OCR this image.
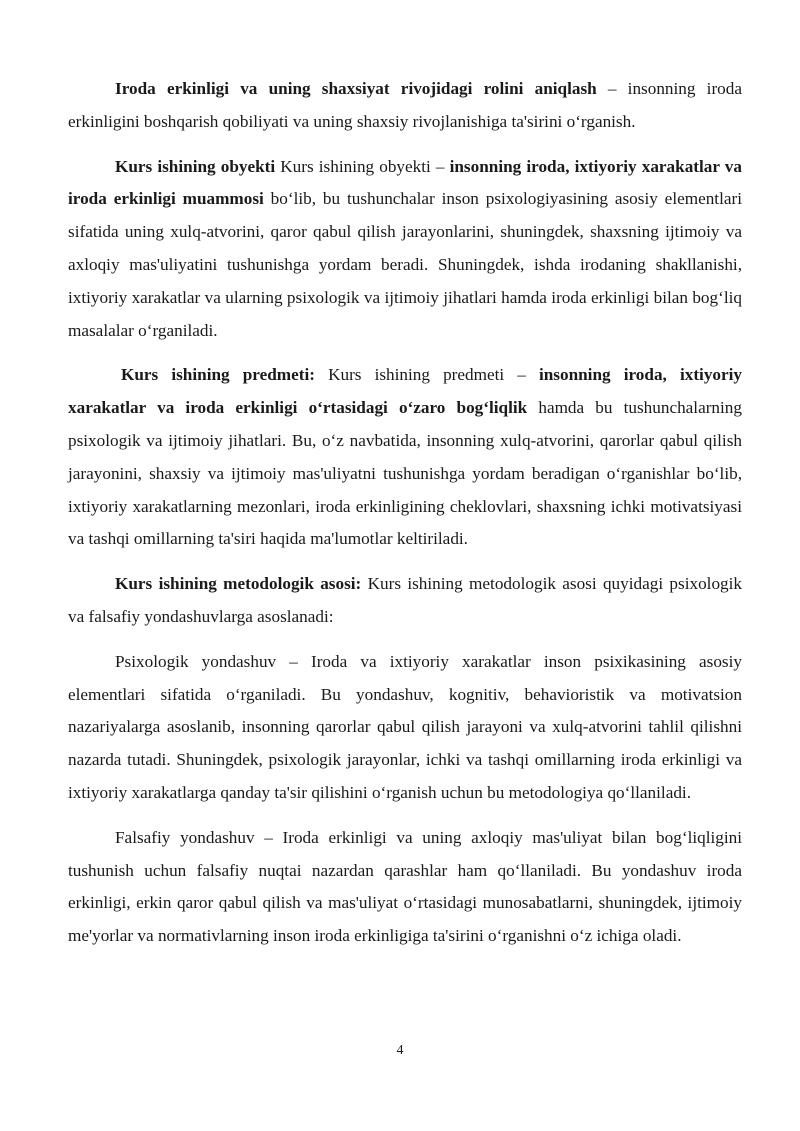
Iroda erkinligi va uning shaxsiyat rivojidagi rolini aniqlash – insonning iroda erkinligini boshqarish qobiliyati va uning shaxsiy rivojlanishiga ta'sirini o‘rganish.

Kurs ishining obyekti Kurs ishining obyekti – insonning iroda, ixtiyoriy xarakatlar va iroda erkinligi muammosi bo‘lib, bu tushunchalar inson psixologiyasining asosiy elementlari sifatida uning xulq-atvorini, qaror qabul qilish jarayonlarini, shuningdek, shaxsning ijtimoiy va axloqiy mas'uliyatini tushunishga yordam beradi. Shuningdek, ishda irodaning shakllanishi, ixtiyoriy xarakatlar va ularning psixologik va ijtimoiy jihatlari hamda iroda erkinligi bilan bog‘liq masalalar o‘rganiladi.

Kurs ishining predmeti: Kurs ishining predmeti – insonning iroda, ixtiyoriy xarakatlar va iroda erkinligi o‘rtasidagi o‘zaro bog‘liqlik hamda bu tushunchalarning psixologik va ijtimoiy jihatlari. Bu, o‘z navbatida, insonning xulq-atvorini, qarorlar qabul qilish jarayonini, shaxsiy va ijtimoiy mas'uliyatni tushunishga yordam beradigan o‘rganishlar bo‘lib, ixtiyoriy xarakatlarning mezonlari, iroda erkinligining cheklovlari, shaxsning ichki motivatsiyasi va tashqi omillarning ta'siri haqida ma'lumotlar keltiriladi.

Kurs ishining metodologik asosi: Kurs ishining metodologik asosi quyidagi psixologik va falsafiy yondashuvlarga asoslanadi:

Psixologik yondashuv – Iroda va ixtiyoriy xarakatlar inson psixikasining asosiy elementlari sifatida o‘rganiladi. Bu yondashuv, kognitiv, behavioristik va motivatsion nazariyalarga asoslanib, insonning qarorlar qabul qilish jarayoni va xulq-atvorini tahlil qilishni nazarda tutadi. Shuningdek, psixologik jarayonlar, ichki va tashqi omillarning iroda erkinligi va ixtiyoriy xarakatlarga qanday ta'sir qilishini o‘rganish uchun bu metodologiya qo‘llaniladi.

Falsafiy yondashuv – Iroda erkinligi va uning axloqiy mas'uliyat bilan bog‘liqligini tushunish uchun falsafiy nuqtai nazardan qarashlar ham qo‘llaniladi. Bu yondashuv iroda erkinligi, erkin qaror qabul qilish va mas'uliyat o‘rtasidagi munosabatlarni, shuningdek, ijtimoiy me'yorlar va normativlarning inson iroda erkinligiga ta'sirini o‘rganishni o‘z ichiga oladi.

4
